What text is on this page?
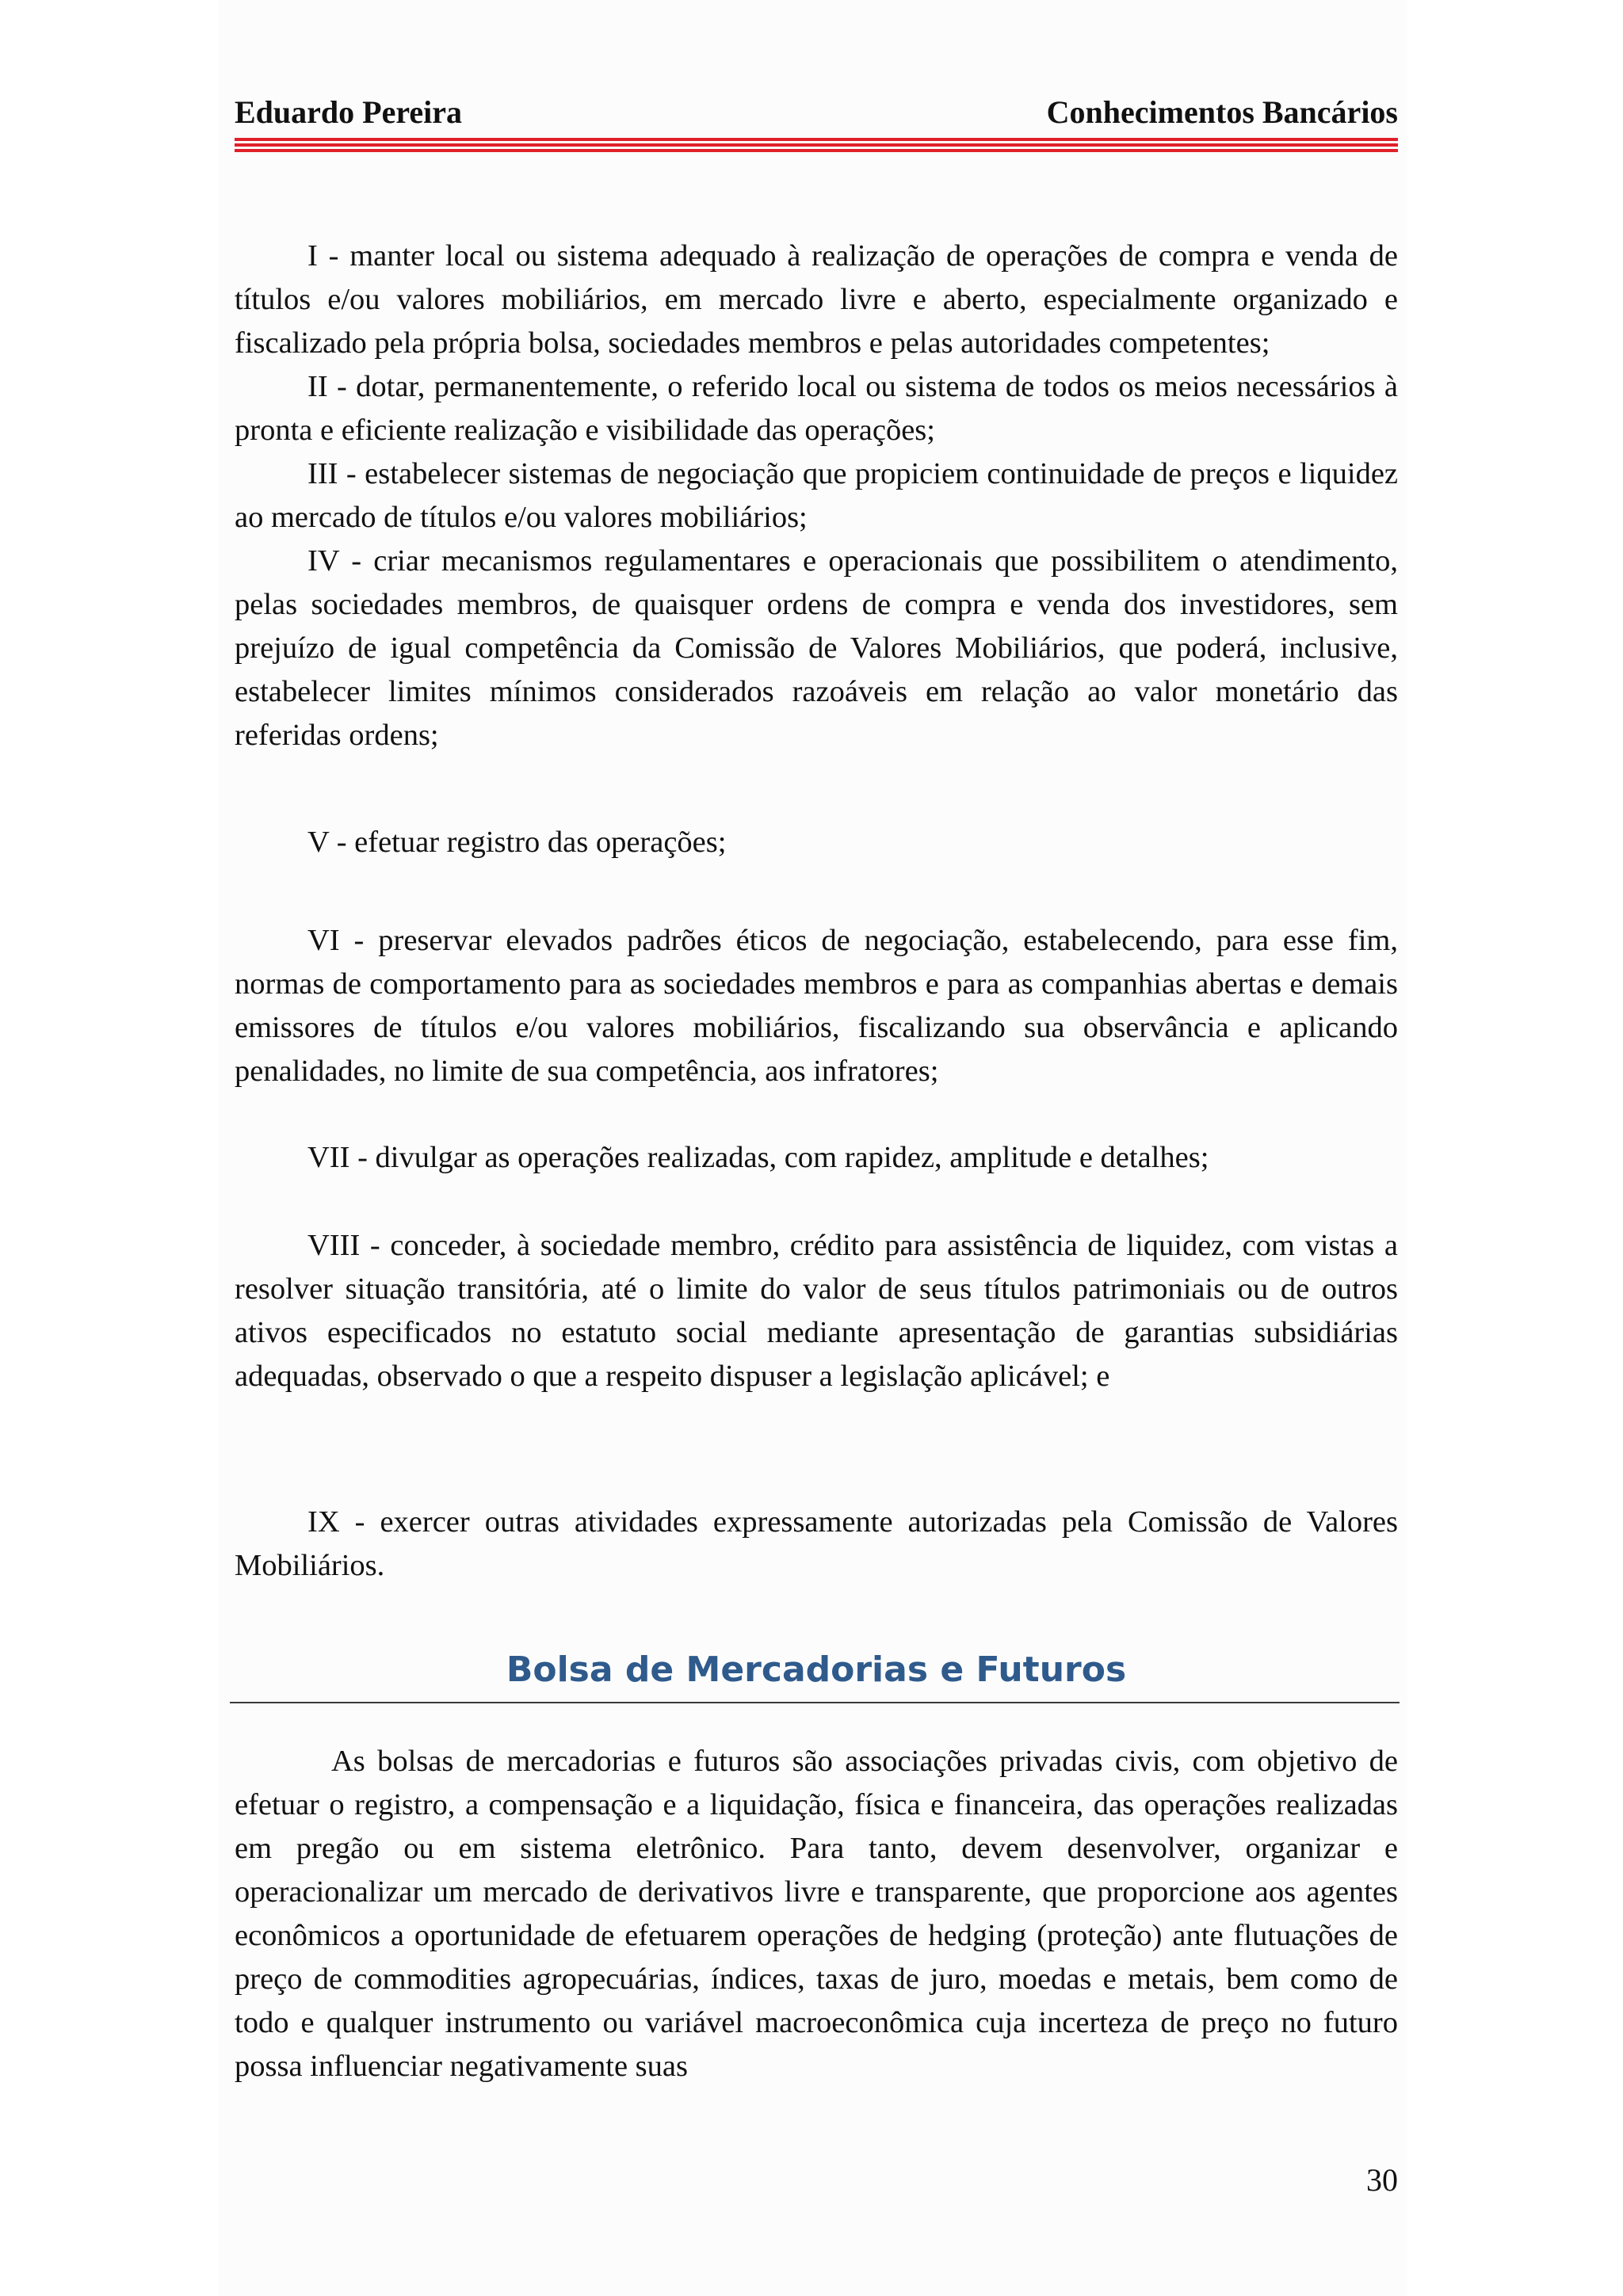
Eduardo Pereira	Conhecimentos Bancários

I - manter local ou sistema adequado à realização de operações de compra e venda de títulos e/ou valores mobiliários, em mercado livre e aberto, especialmente organizado e fiscalizado pela própria bolsa, sociedades membros e pelas autoridades competentes;

II - dotar, permanentemente, o referido local ou sistema de todos os meios necessários à pronta e eficiente realização e visibilidade das operações;

III - estabelecer sistemas de negociação que propiciem continuidade de preços e liquidez ao mercado de títulos e/ou valores mobiliários;

IV - criar mecanismos regulamentares e operacionais que possibilitem o atendimento, pelas sociedades membros, de quaisquer ordens de compra e venda dos investidores, sem prejuízo de igual competência da Comissão de Valores Mobiliários, que poderá, inclusive, estabelecer limites mínimos considerados razoáveis em relação ao valor monetário das referidas ordens;

V - efetuar registro das operações;

VI - preservar elevados padrões éticos de negociação, estabelecendo, para esse fim, normas de comportamento para as sociedades membros e para as companhias abertas e demais emissores de títulos e/ou valores mobiliários, fiscalizando sua observância e aplicando penalidades, no limite de sua competência, aos infratores;

VII - divulgar as operações realizadas, com rapidez, amplitude e detalhes;

VIII - conceder, à sociedade membro, crédito para assistência de liquidez, com vistas a resolver situação transitória, até o limite do valor de seus títulos patrimoniais ou de outros ativos especificados no estatuto social mediante apresentação de garantias subsidiárias adequadas, observado o que a respeito dispuser a legislação aplicável; e

IX - exercer outras atividades expressamente autorizadas pela Comissão de Valores Mobiliários.

Bolsa de Mercadorias e Futuros

As bolsas de mercadorias e futuros são associações privadas civis, com objetivo de efetuar o registro, a compensação e a liquidação, física e financeira, das operações realizadas em pregão ou em sistema eletrônico. Para tanto, devem desenvolver, organizar e operacionalizar um mercado de derivativos livre e transparente, que proporcione aos agentes econômicos a oportunidade de efetuarem operações de hedging (proteção) ante flutuações de preço de commodities agropecuárias, índices, taxas de juro, moedas e metais, bem como de todo e qualquer instrumento ou variável macroeconômica cuja incerteza de preço no futuro possa influenciar negativamente suas

30
